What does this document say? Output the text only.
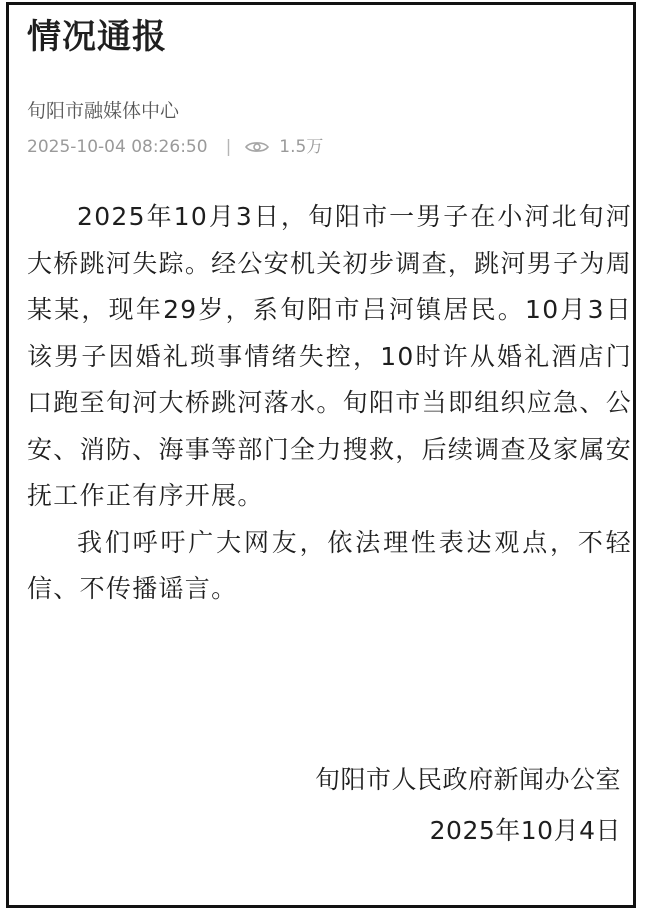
情况通报
旬阳市融媒体中心
2025-10-04 08:26:50 |	1.5万

2025年10月3日，旬阳市一男子在小河北旬河大桥跳河失踪。经公安机关初步调查，跳河男子为周某某，现年29岁，系旬阳市吕河镇居民。10月3日该男子因婚礼琐事情绪失控，10时许从婚礼酒店门口跑至旬河大桥跳河落水。旬阳市当即组织应急、公安、消防、海事等部门全力搜救，后续调查及家属安抚工作正有序开展。

我们呼吁广大网友，依法理性表达观点，不轻信、不传播谣言。

旬阳市人民政府新闻办公室
2025年10月4日
